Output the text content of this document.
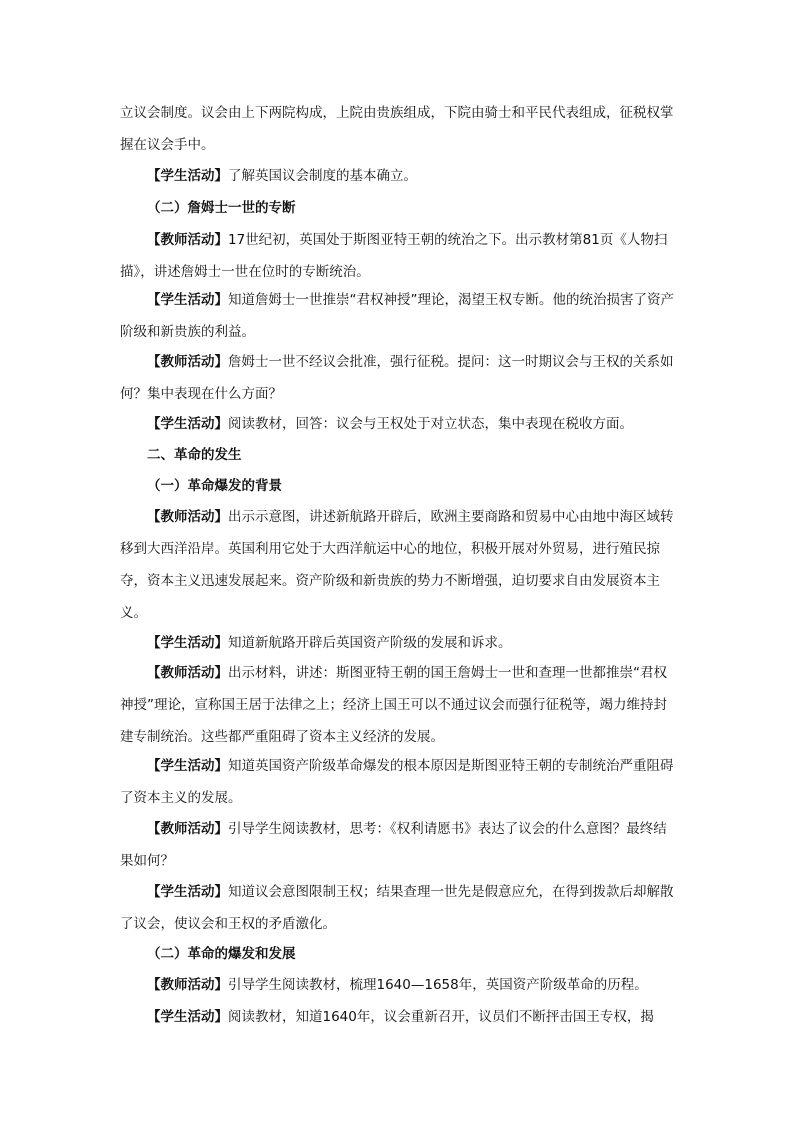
立议会制度。议会由上下两院构成，上院由贵族组成，下院由骑士和平民代表组成，征税权掌握在议会手中。

【学生活动】了解英国议会制度的基本确立。

（二）詹姆士一世的专断

【教师活动】17世纪初，英国处于斯图亚特王朝的统治之下。出示教材第81页《人物扫描》，讲述詹姆士一世在位时的专断统治。

【学生活动】知道詹姆士一世推崇“君权神授”理论，渴望王权专断。他的统治损害了资产阶级和新贵族的利益。

【教师活动】詹姆士一世不经议会批准，强行征税。提问：这一时期议会与王权的关系如何？集中表现在什么方面？

【学生活动】阅读教材，回答：议会与王权处于对立状态，集中表现在税收方面。

二、革命的发生

（一）革命爆发的背景

【教师活动】出示示意图，讲述新航路开辟后，欧洲主要商路和贸易中心由地中海区域转移到大西洋沿岸。英国利用它处于大西洋航运中心的地位，积极开展对外贸易，进行殖民掠夺，资本主义迅速发展起来。资产阶级和新贵族的势力不断增强，迫切要求自由发展资本主义。

【学生活动】知道新航路开辟后英国资产阶级的发展和诉求。

【教师活动】出示材料，讲述：斯图亚特王朝的国王詹姆士一世和查理一世都推崇“君权神授”理论，宣称国王居于法律之上；经济上国王可以不通过议会而强行征税等，竭力维持封建专制统治。这些都严重阻碍了资本主义经济的发展。

【学生活动】知道英国资产阶级革命爆发的根本原因是斯图亚特王朝的专制统治严重阻碍了资本主义的发展。

【教师活动】引导学生阅读教材，思考：《权利请愿书》表达了议会的什么意图？最终结果如何？

【学生活动】知道议会意图限制王权；结果查理一世先是假意应允，在得到拨款后却解散了议会，使议会和王权的矛盾激化。

（二）革命的爆发和发展

【教师活动】引导学生阅读教材，梳理1640—1658年，英国资产阶级革命的历程。

【学生活动】阅读教材，知道1640年，议会重新召开，议员们不断抨击国王专权，揭
